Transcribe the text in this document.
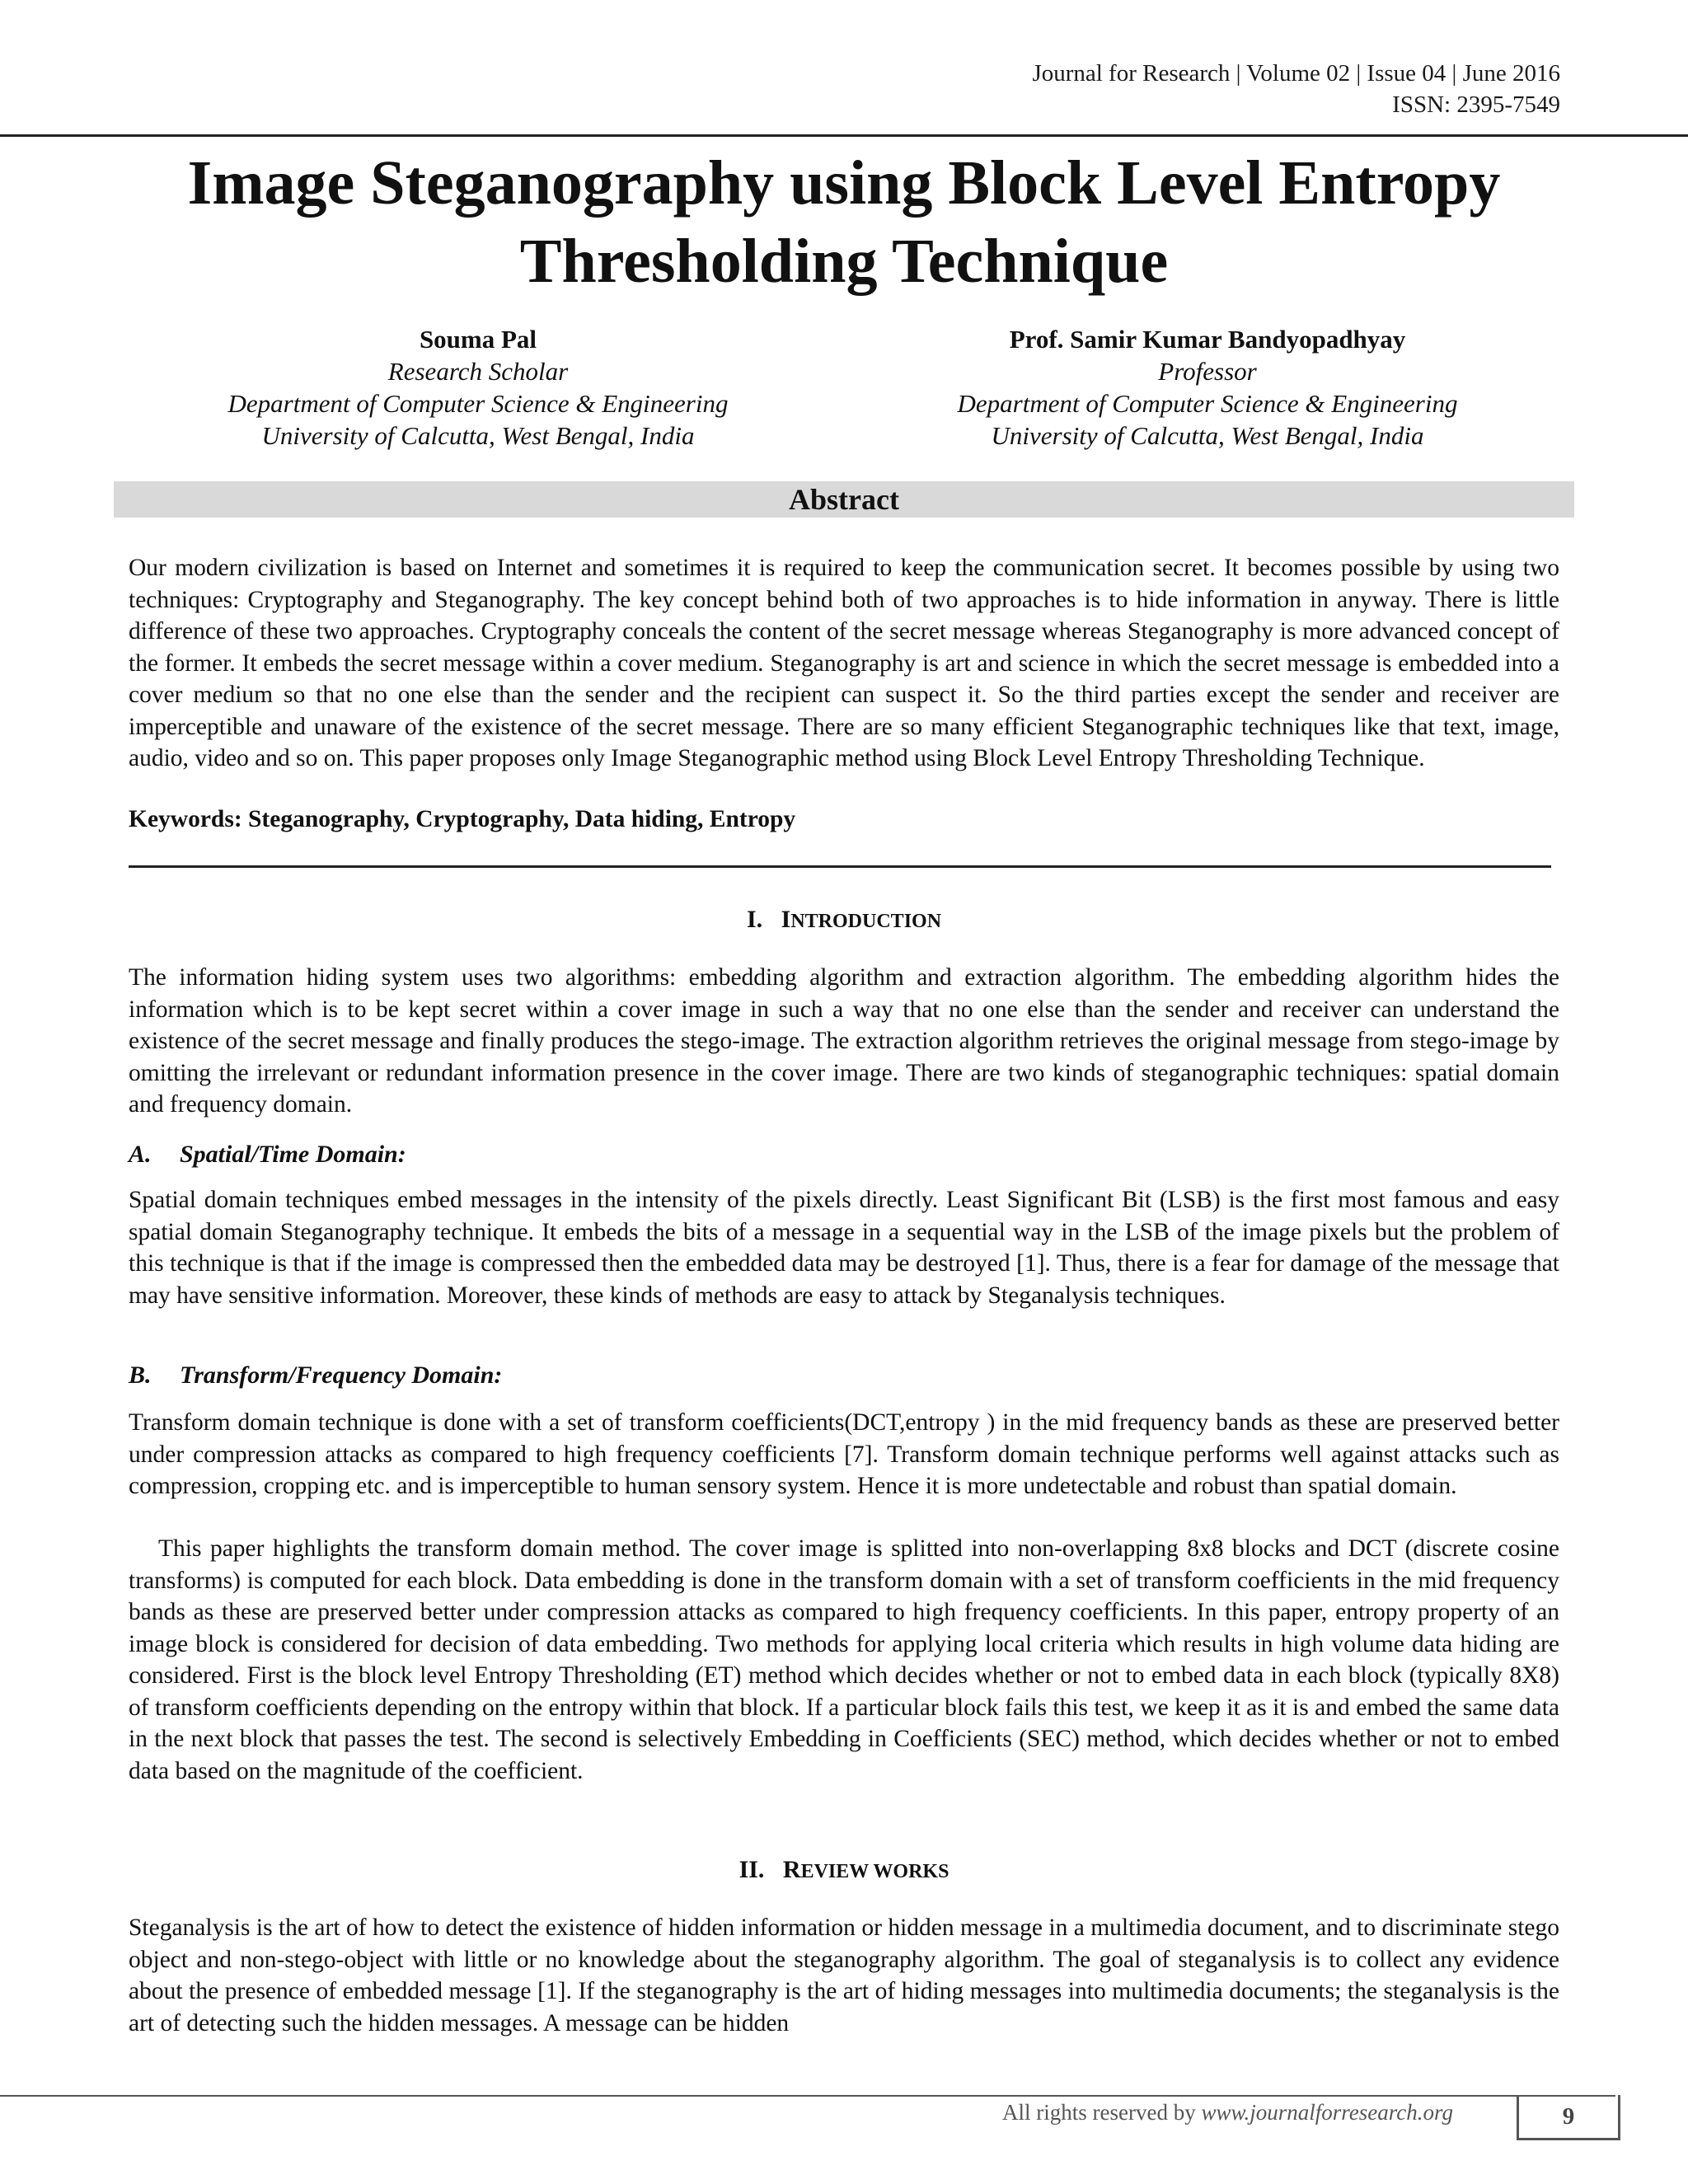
Journal for Research | Volume 02 | Issue 04 | June 2016
ISSN: 2395-7549
Image Steganography using Block Level Entropy
Thresholding Technique
Souma Pal
Research Scholar
Department of Computer Science & Engineering
University of Calcutta, West Bengal, India
Prof. Samir Kumar Bandyopadhyay
Professor
Department of Computer Science & Engineering
University of Calcutta, West Bengal, India
Abstract
Our modern civilization is based on Internet and sometimes it is required to keep the communication secret. It becomes possible by using two techniques: Cryptography and Steganography. The key concept behind both of two approaches is to hide information in anyway. There is little difference of these two approaches. Cryptography conceals the content of the secret message whereas Steganography is more advanced concept of the former. It embeds the secret message within a cover medium. Steganography is art and science in which the secret message is embedded into a cover medium so that no one else than the sender and the recipient can suspect it. So the third parties except the sender and receiver are imperceptible and unaware of the existence of the secret message. There are so many efficient Steganographic techniques like that text, image, audio, video and so on. This paper proposes only Image Steganographic method using Block Level Entropy Thresholding Technique.
Keywords: Steganography, Cryptography, Data hiding, Entropy
I. INTRODUCTION
The information hiding system uses two algorithms: embedding algorithm and extraction algorithm. The embedding algorithm hides the information which is to be kept secret within a cover image in such a way that no one else than the sender and receiver can understand the existence of the secret message and finally produces the stego-image. The extraction algorithm retrieves the original message from stego-image by omitting the irrelevant or redundant information presence in the cover image. There are two kinds of steganographic techniques: spatial domain and frequency domain.
A. Spatial/Time Domain:
Spatial domain techniques embed messages in the intensity of the pixels directly. Least Significant Bit (LSB) is the first most famous and easy spatial domain Steganography technique. It embeds the bits of a message in a sequential way in the LSB of the image pixels but the problem of this technique is that if the image is compressed then the embedded data may be destroyed [1]. Thus, there is a fear for damage of the message that may have sensitive information. Moreover, these kinds of methods are easy to attack by Steganalysis techniques.
B. Transform/Frequency Domain:
Transform domain technique is done with a set of transform coefficients(DCT,entropy ) in the mid frequency bands as these are preserved better under compression attacks as compared to high frequency coefficients [7]. Transform domain technique performs well against attacks such as compression, cropping etc. and is imperceptible to human sensory system. Hence it is more undetectable and robust than spatial domain.
This paper highlights the transform domain method. The cover image is splitted into non-overlapping 8x8 blocks and DCT (discrete cosine transforms) is computed for each block. Data embedding is done in the transform domain with a set of transform coefficients in the mid frequency bands as these are preserved better under compression attacks as compared to high frequency coefficients. In this paper, entropy property of an image block is considered for decision of data embedding. Two methods for applying local criteria which results in high volume data hiding are considered. First is the block level Entropy Thresholding (ET) method which decides whether or not to embed data in each block (typically 8X8) of transform coefficients depending on the entropy within that block. If a particular block fails this test, we keep it as it is and embed the same data in the next block that passes the test. The second is selectively Embedding in Coefficients (SEC) method, which decides whether or not to embed data based on the magnitude of the coefficient.
II. REVIEW WORKS
Steganalysis is the art of how to detect the existence of hidden information or hidden message in a multimedia document, and to discriminate stego object and non-stego-object with little or no knowledge about the steganography algorithm. The goal of steganalysis is to collect any evidence about the presence of embedded message [1]. If the steganography is the art of hiding messages into multimedia documents; the steganalysis is the art of detecting such the hidden messages. A message can be hidden
All rights reserved by www.journalforresearch.org	9
